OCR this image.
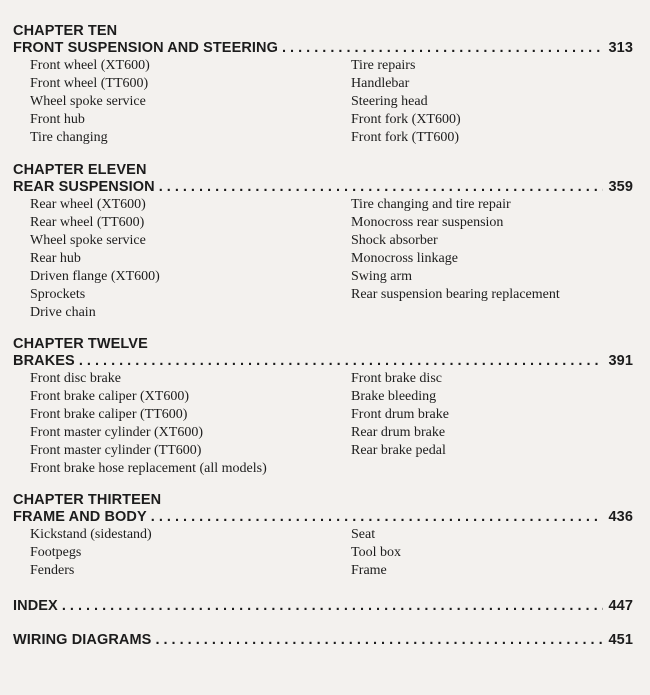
CHAPTER TEN
FRONT SUSPENSION AND STEERING . . .	313
Front wheel (XT600)
Front wheel (TT600)
Wheel spoke service
Front hub
Tire changing
Tire repairs
Handlebar
Steering head
Front fork (XT600)
Front fork (TT600)
CHAPTER ELEVEN
REAR SUSPENSION . . .	359
Rear wheel (XT600)
Rear wheel (TT600)
Wheel spoke service
Rear hub
Driven flange (XT600)
Sprockets
Drive chain
Tire changing and tire repair
Monocross rear suspension
Shock absorber
Monocross linkage
Swing arm
Rear suspension bearing replacement
CHAPTER TWELVE
BRAKES . . .	391
Front disc brake
Front brake caliper (XT600)
Front brake caliper (TT600)
Front master cylinder (XT600)
Front master cylinder (TT600)
Front brake hose replacement (all models)
Front brake disc
Brake bleeding
Front drum brake
Rear drum brake
Rear brake pedal
CHAPTER THIRTEEN
FRAME AND BODY . . .	436
Kickstand (sidestand)
Footpegs
Fenders
Seat
Tool box
Frame
INDEX . . .	447
WIRING DIAGRAMS . . .	451
